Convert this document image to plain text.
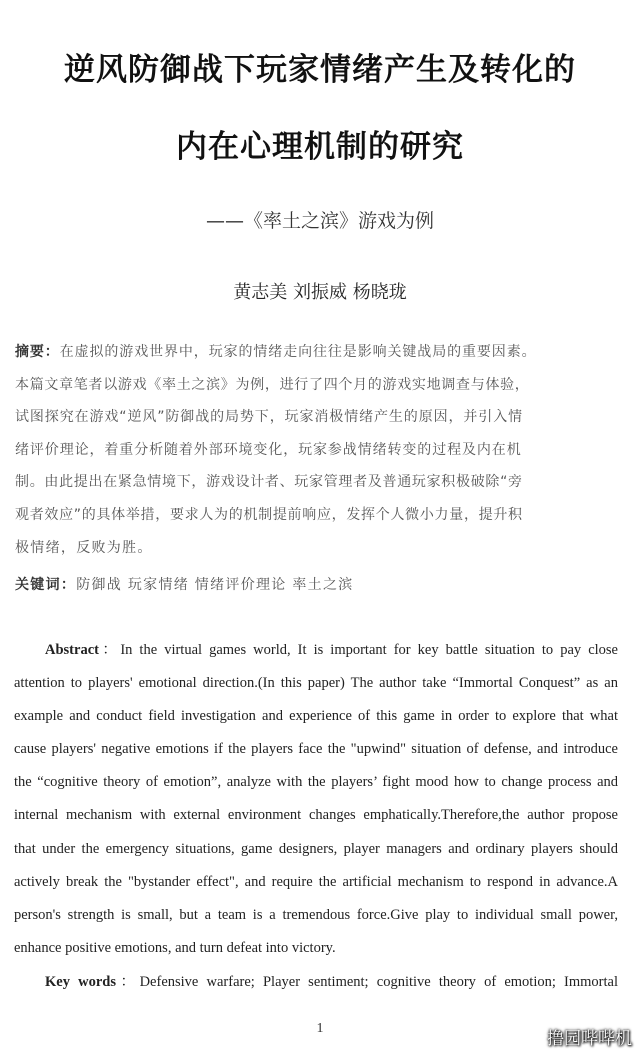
逆风防御战下玩家情绪产生及转化的
内在心理机制的研究
——《率土之滨》游戏为例
黄志美 刘振威 杨晓珑
摘要：在虚拟的游戏世界中，玩家的情绪走向往往是影响关键战局的重要因素。
本篇文章笔者以游戏《率土之滨》为例，进行了四个月的游戏实地调查与体验，
试图探究在游戏“逆风”防御战的局势下，玩家消极情绪产生的原因，并引入情
绪评价理论，着重分析随着外部环境变化，玩家参战情绪转变的过程及内在机
制。由此提出在紧急情境下，游戏设计者、玩家管理者及普通玩家积极破除“旁
观者效应”的具体举措，要求人为的机制提前响应，发挥个人微小力量，提升积
极情绪，反败为胜。
关键词：防御战 玩家情绪 情绪评价理论 率土之滨
Abstract：In the virtual games world, It is important for key battle situation to pay close
attention to players' emotional direction.(In this paper) The author take “Immortal Conquest” as an
example and conduct field investigation and experience of this game in order to explore that what
cause players' negative emotions if the players face the "upwind" situation of defense, and introduce
the “cognitive theory of emotion”, analyze with the players’ fight mood how to change process and
internal mechanism with external environment changes emphatically.Therefore,the author propose
that under the emergency situations, game designers, player managers and ordinary players should
actively break the "bystander effect", and require the artificial mechanism to respond in advance.A
person's strength is small, but a team is a tremendous force.Give play to individual small power,
enhance positive emotions, and turn defeat into victory.
Key words：Defensive warfare; Player sentiment; cognitive theory of emotion; Immortal
1
撸园哔哔机
